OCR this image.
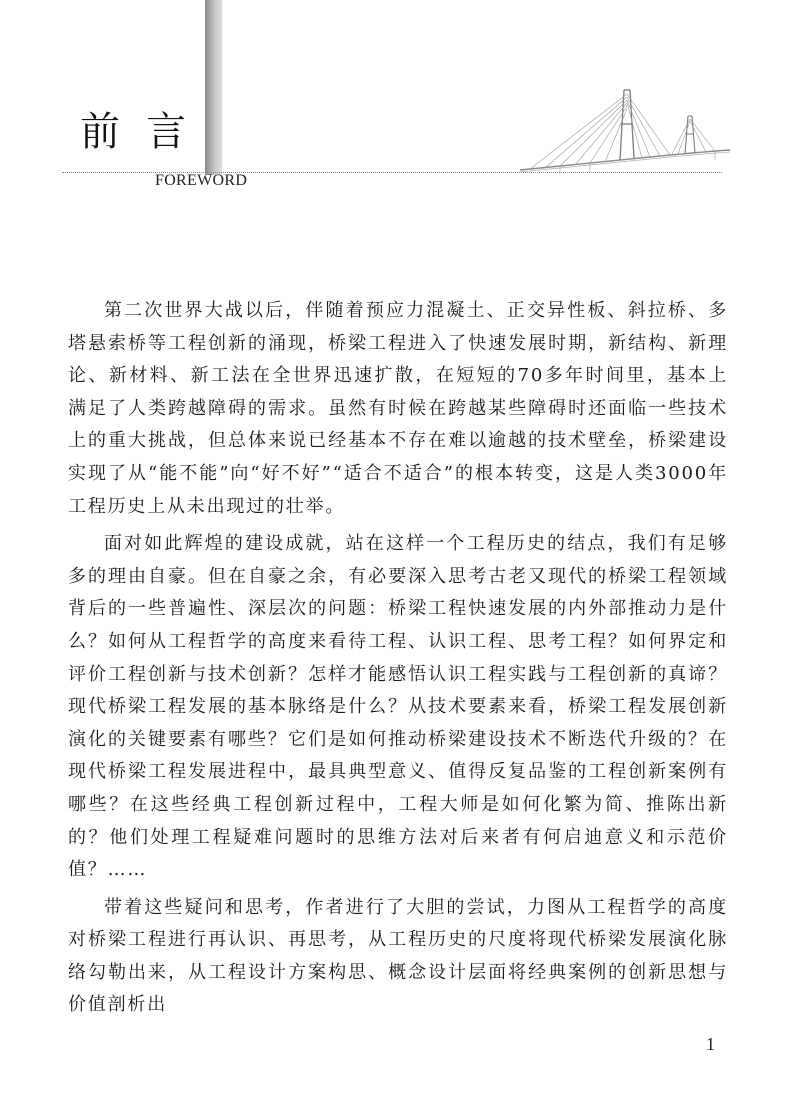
前言
FOREWORD

第二次世界大战以后，伴随着预应力混凝土、正交异性板、斜拉桥、多塔悬索桥等工程创新的涌现，桥梁工程进入了快速发展时期，新结构、新理论、新材料、新工法在全世界迅速扩散，在短短的70多年时间里，基本上满足了人类跨越障碍的需求。虽然有时候在跨越某些障碍时还面临一些技术上的重大挑战，但总体来说已经基本不存在难以逾越的技术壁垒，桥梁建设实现了从“能不能”向“好不好”“适合不适合”的根本转变，这是人类3000年工程历史上从未出现过的壮举。

面对如此辉煌的建设成就，站在这样一个工程历史的结点，我们有足够多的理由自豪。但在自豪之余，有必要深入思考古老又现代的桥梁工程领域背后的一些普遍性、深层次的问题：桥梁工程快速发展的内外部推动力是什么？如何从工程哲学的高度来看待工程、认识工程、思考工程？如何界定和评价工程创新与技术创新？怎样才能感悟认识工程实践与工程创新的真谛？现代桥梁工程发展的基本脉络是什么？从技术要素来看，桥梁工程发展创新演化的关键要素有哪些？它们是如何推动桥梁建设技术不断迭代升级的？在现代桥梁工程发展进程中，最具典型意义、值得反复品鉴的工程创新案例有哪些？在这些经典工程创新过程中，工程大师是如何化繁为简、推陈出新的？他们处理工程疑难问题时的思维方法对后来者有何启迪意义和示范价值？……

带着这些疑问和思考，作者进行了大胆的尝试，力图从工程哲学的高度对桥梁工程进行再认识、再思考，从工程历史的尺度将现代桥梁发展演化脉络勾勒出来，从工程设计方案构思、概念设计层面将经典案例的创新思想与价值剖析出

1
